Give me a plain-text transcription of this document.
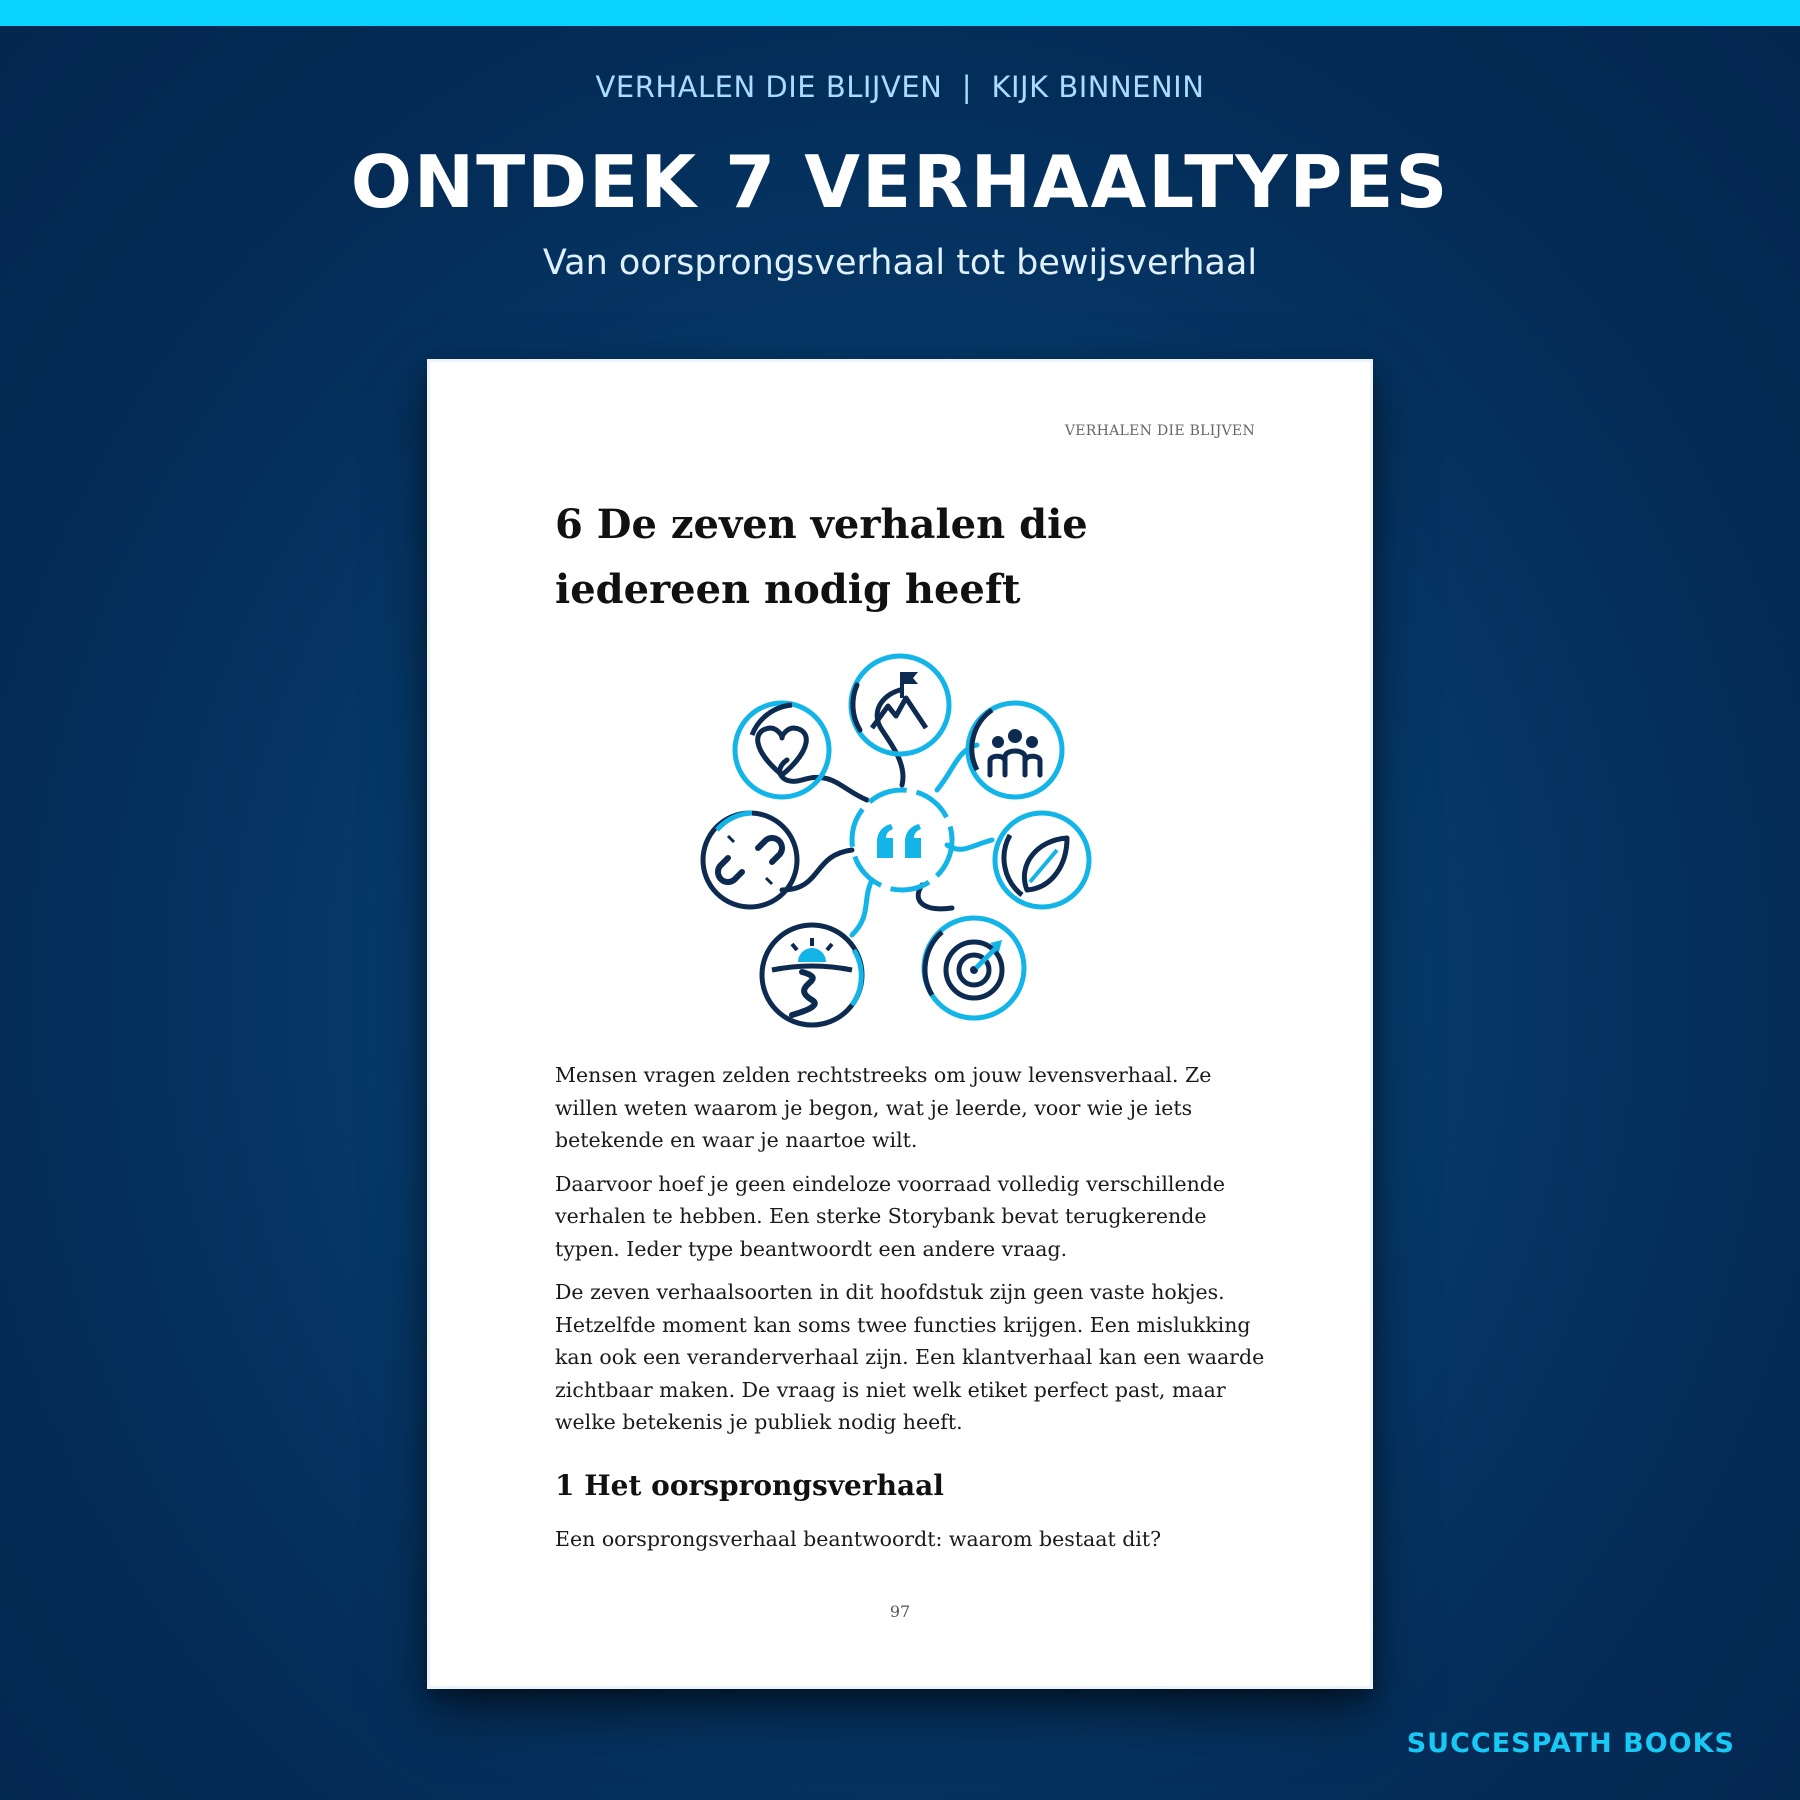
VERHALEN DIE BLIJVEN  |  KIJK BINNENIN
ONTDEK 7 VERHAALTYPES
Van oorsprongsverhaal tot bewijsverhaal
VERHALEN DIE BLIJVEN
6 De zeven verhalen die iedereen nodig heeft

Mensen vragen zelden rechtstreeks om jouw levensverhaal. Ze willen weten waarom je begon, wat je leerde, voor wie je iets betekende en waar je naartoe wilt.

Daarvoor hoef je geen eindeloze voorraad volledig verschillende verhalen te hebben. Een sterke Storybank bevat terugkerende typen. Ieder type beantwoordt een andere vraag.

De zeven verhaalsoorten in dit hoofdstuk zijn geen vaste hokjes. Hetzelfde moment kan soms twee functies krijgen. Een mislukking kan ook een veranderverhaal zijn. Een klantverhaal kan een waarde zichtbaar maken. De vraag is niet welk etiket perfect past, maar welke betekenis je publiek nodig heeft.

1 Het oorsprongsverhaal
Een oorsprongsverhaal beantwoordt: waarom bestaat dit?
97
SUCCESPATH BOOKS
